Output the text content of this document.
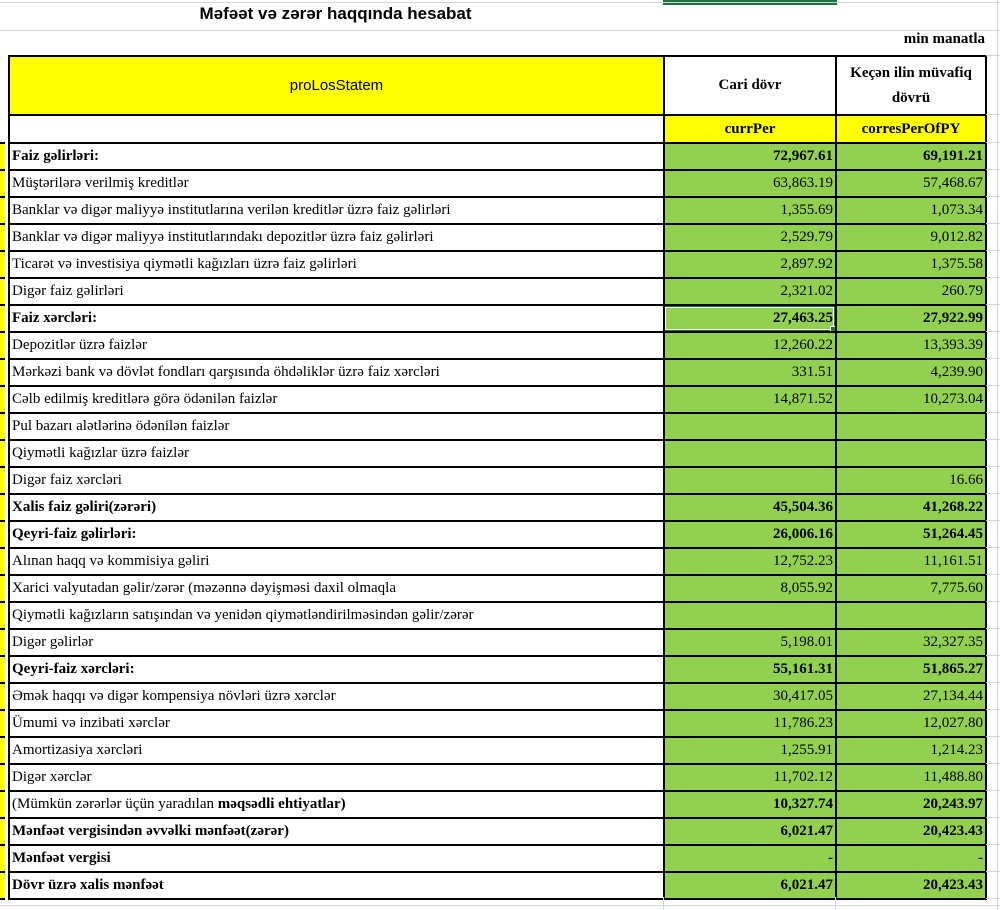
Məfəət və zərər haqqında hesabat
min manatla
proLosStatem	Cari dövr	Keçən ilin müvafiq dövrü
	currPer	corresPerOfPY
Faiz gəlirləri:	72,967.61	69,191.21
Müştərilərə verilmiş kreditlər	63,863.19	57,468.67
Banklar və digər maliyyə institutlarına verilən kreditlər üzrə faiz gəlirləri	1,355.69	1,073.34
Banklar və digər maliyyə institutlarındakı depozitlər üzrə faiz gəlirləri	2,529.79	9,012.82
Ticarət və investisiya qiymətli kağızları üzrə faiz gəlirləri	2,897.92	1,375.58
Digər faiz gəlirləri	2,321.02	260.79
Faiz xərcləri:	27,463.25	27,922.99
Depozitlər üzrə faizlər	12,260.22	13,393.39
Mərkəzi bank və dövlət fondları qarşısında öhdəliklər üzrə faiz xərcləri	331.51	4,239.90
Cəlb edilmiş kreditlərə görə ödənilən faizlər	14,871.52	10,273.04
Pul bazarı alətlərinə ödənilən faizlər		
Qiymətli kağızlar üzrə faizlər		
Digər faiz xərcləri		16.66
Xalis faiz gəliri(zərəri)	45,504.36	41,268.22
Qeyri-faiz gəlirləri:	26,006.16	51,264.45
Alınan haqq və kommisiya gəliri	12,752.23	11,161.51
Xarici valyutadan gəlir/zərər (məzənnə dəyişməsi daxil olmaqla	8,055.92	7,775.60
Qiymətli kağızların satışından və yenidən qiymətləndirilməsindən gəlir/zərər		
Digər gəlirlər	5,198.01	32,327.35
Qeyri-faiz xərcləri:	55,161.31	51,865.27
Əmək haqqı və digər kompensiya növləri üzrə xərclər	30,417.05	27,134.44
Ümumi və inzibati xərclər	11,786.23	12,027.80
Amortizasiya xərcləri	1,255.91	1,214.23
Digər xərclər	11,702.12	11,488.80
(Mümkün zərərlər üçün yaradılan məqsədli ehtiyatlar)	10,327.74	20,243.97
Mənfəət vergisindən əvvəlki mənfəət(zərər)	6,021.47	20,423.43
Mənfəət vergisi	-	-
Dövr üzrə xalis mənfəət	6,021.47	20,423.43
